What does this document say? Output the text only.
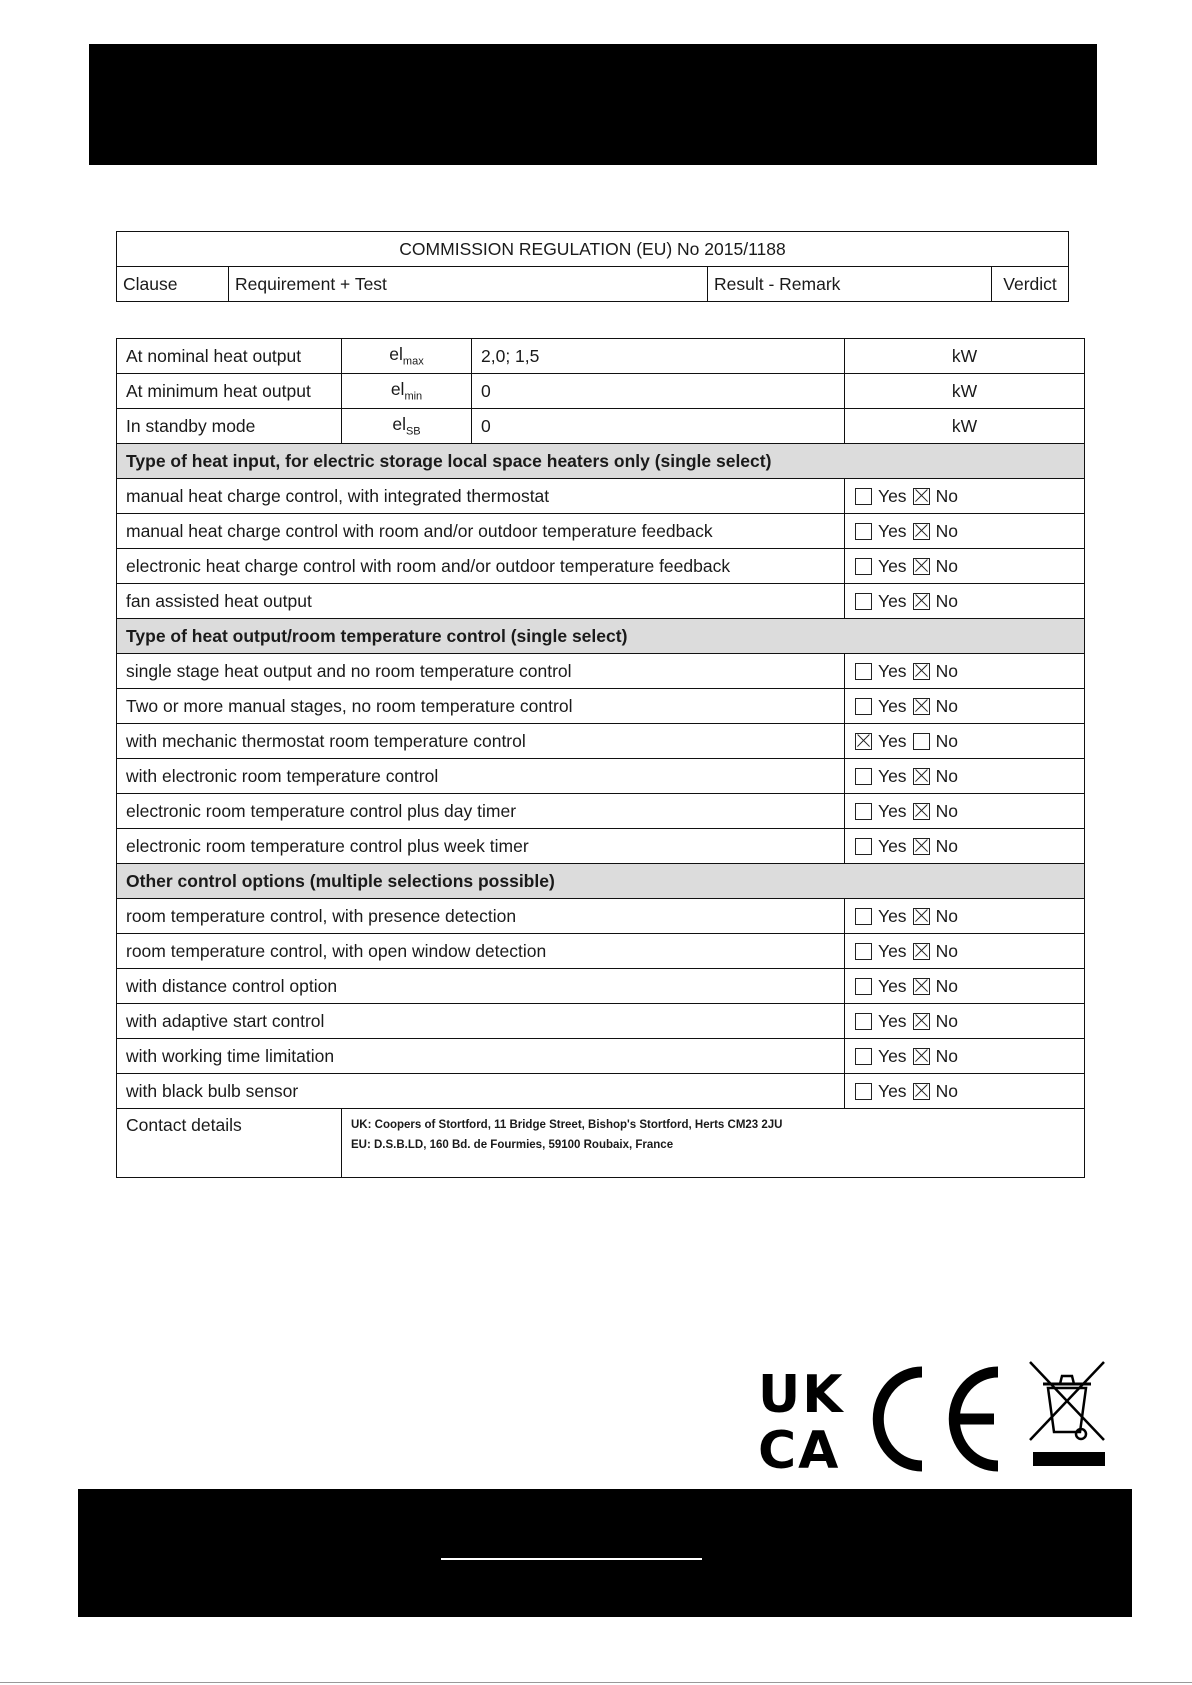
COMMISSION REGULATION (EU) No 2015/1188
Clause	Requirement + Test	Result - Remark	Verdict
At nominal heat output	$el_{max}$	2,0; 1,5	kW
At minimum heat output	$el_{min}$	0	kW
In standby mode	$el_{SB}$	0	kW
Type of heat input, for electric storage local space heaters only (single select)			
manual heat charge control, with integrated thermostat			Yes No
manual heat charge control with room and/or outdoor temperature feedback			Yes No
electronic heat charge control with room and/or outdoor temperature feedback			Yes No
fan assisted heat output			Yes No
Type of heat output/room temperature control (single select)			
single stage heat output and no room temperature control			Yes No
Two or more manual stages, no room temperature control			Yes No
with mechanic thermostat room temperature control			Yes No
with electronic room temperature control			Yes No
electronic room temperature control plus day timer			Yes No
electronic room temperature control plus week timer			Yes No
Other control options (multiple selections possible)			
room temperature control, with presence detection			Yes No
room temperature control, with open window detection			Yes No
with distance control option			Yes No
with adaptive start control			Yes No
with working time limitation			Yes No
with black bulb sensor			Yes No
Contact details	UK: Coopers of Stortford, 11 Bridge Street, Bishop's Stortford, Herts CM23 2JU
EU: D.S.B.LD, 160 Bd. de Fourmies, 59100 Roubaix, France		
UK
CA
